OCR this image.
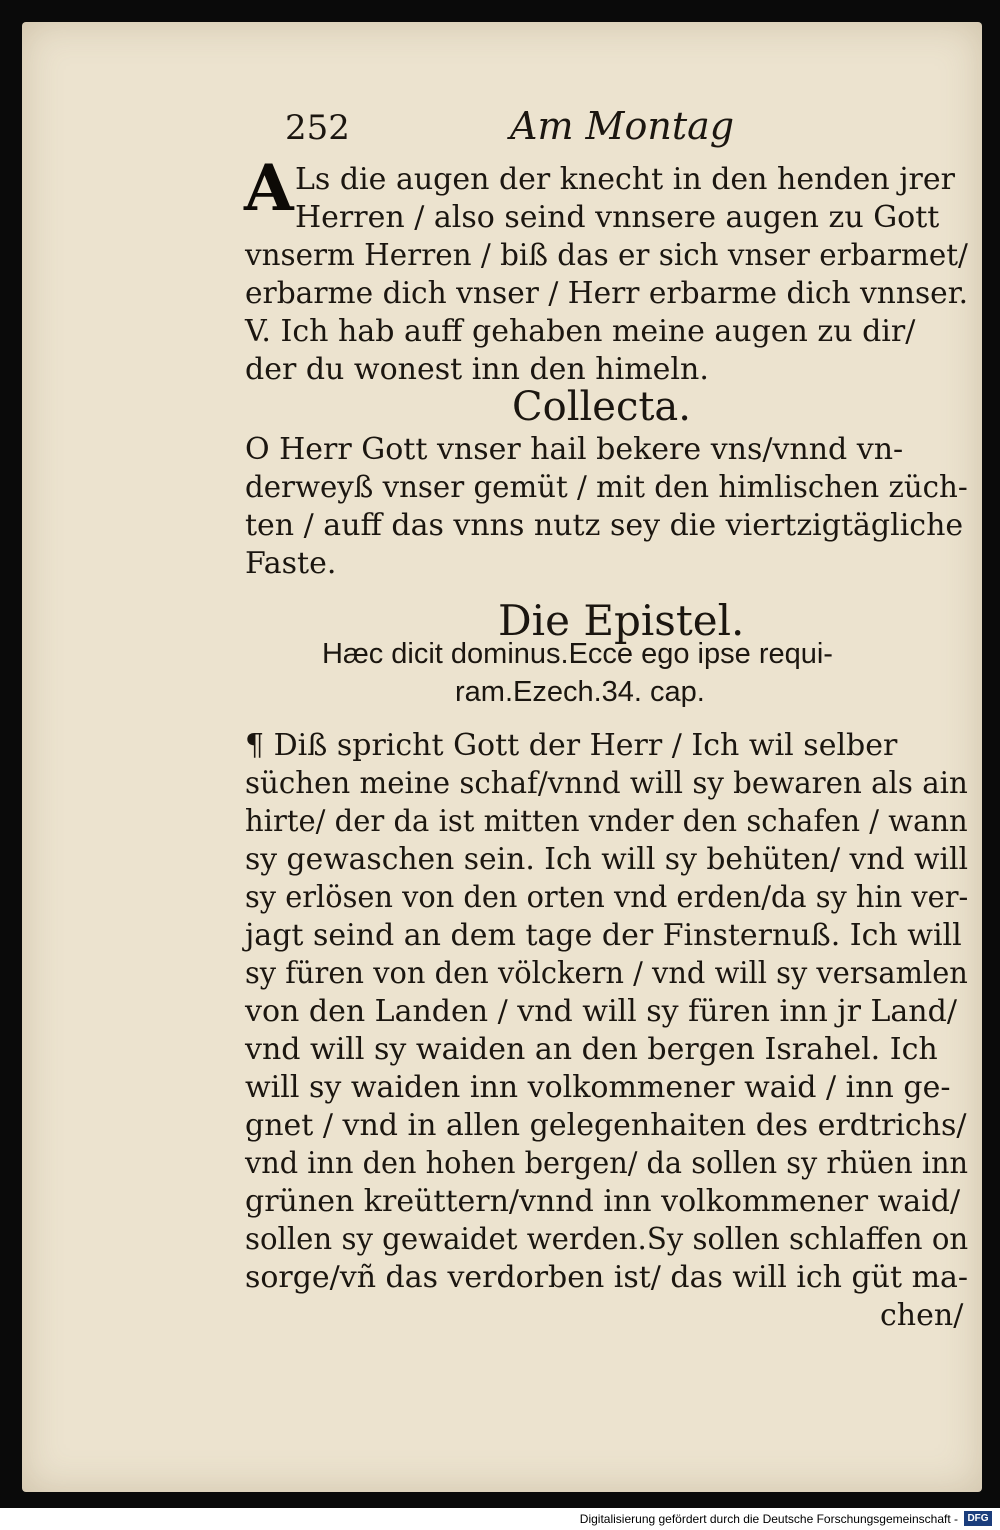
252	Am Montag
A Ls die augen der knecht in den henden jrer
Herren / also seind vnnsere augen zu Gott
vnserm Herren / biß das er sich vnser erbarmet/
erbarme dich vnser / Herr erbarme dich vnnser.
V. Ich hab auff gehaben meine augen zu dir/
der du wonest inn den himeln.
Collecta.
O Herr Gott vnser hail bekere vns/vnnd vn-
derweyß vnser gemüt / mit den himlischen züch-
ten / auff das vnns nutz sey die viertzigtägliche
Faste.
Die Epistel.
Hæc dicit dominus.Ecce ego ipse requi-
ram.Ezech.34. cap.
¶ Diß spricht Gott der Herr / Ich wil selber
süchen meine schaf/vnnd will sy bewaren als ain
hirte/ der da ist mitten vnder den schafen / wann
sy gewaschen sein. Ich will sy behüten/ vnd will
sy erlösen von den orten vnd erden/da sy hin ver-
jagt seind an dem tage der Finsternuß. Ich will
sy füren von den völckern / vnd will sy versamlen
von den Landen / vnd will sy füren inn jr Land/
vnd will sy waiden an den bergen Israhel. Ich
will sy waiden inn volkommener waid / inn ge-
gnet / vnd in allen gelegenhaiten des erdtrichs/
vnd inn den hohen bergen/ da sollen sy rhüen inn
grünen kreüttern/vnnd inn volkommener waid/
sollen sy gewaidet werden.Sy sollen schlaffen on
sorge/vñ das verdorben ist/ das will ich güt ma-
chen/
Digitalisierung gefördert durch die Deutsche Forschungsgemeinschaft - DFG
